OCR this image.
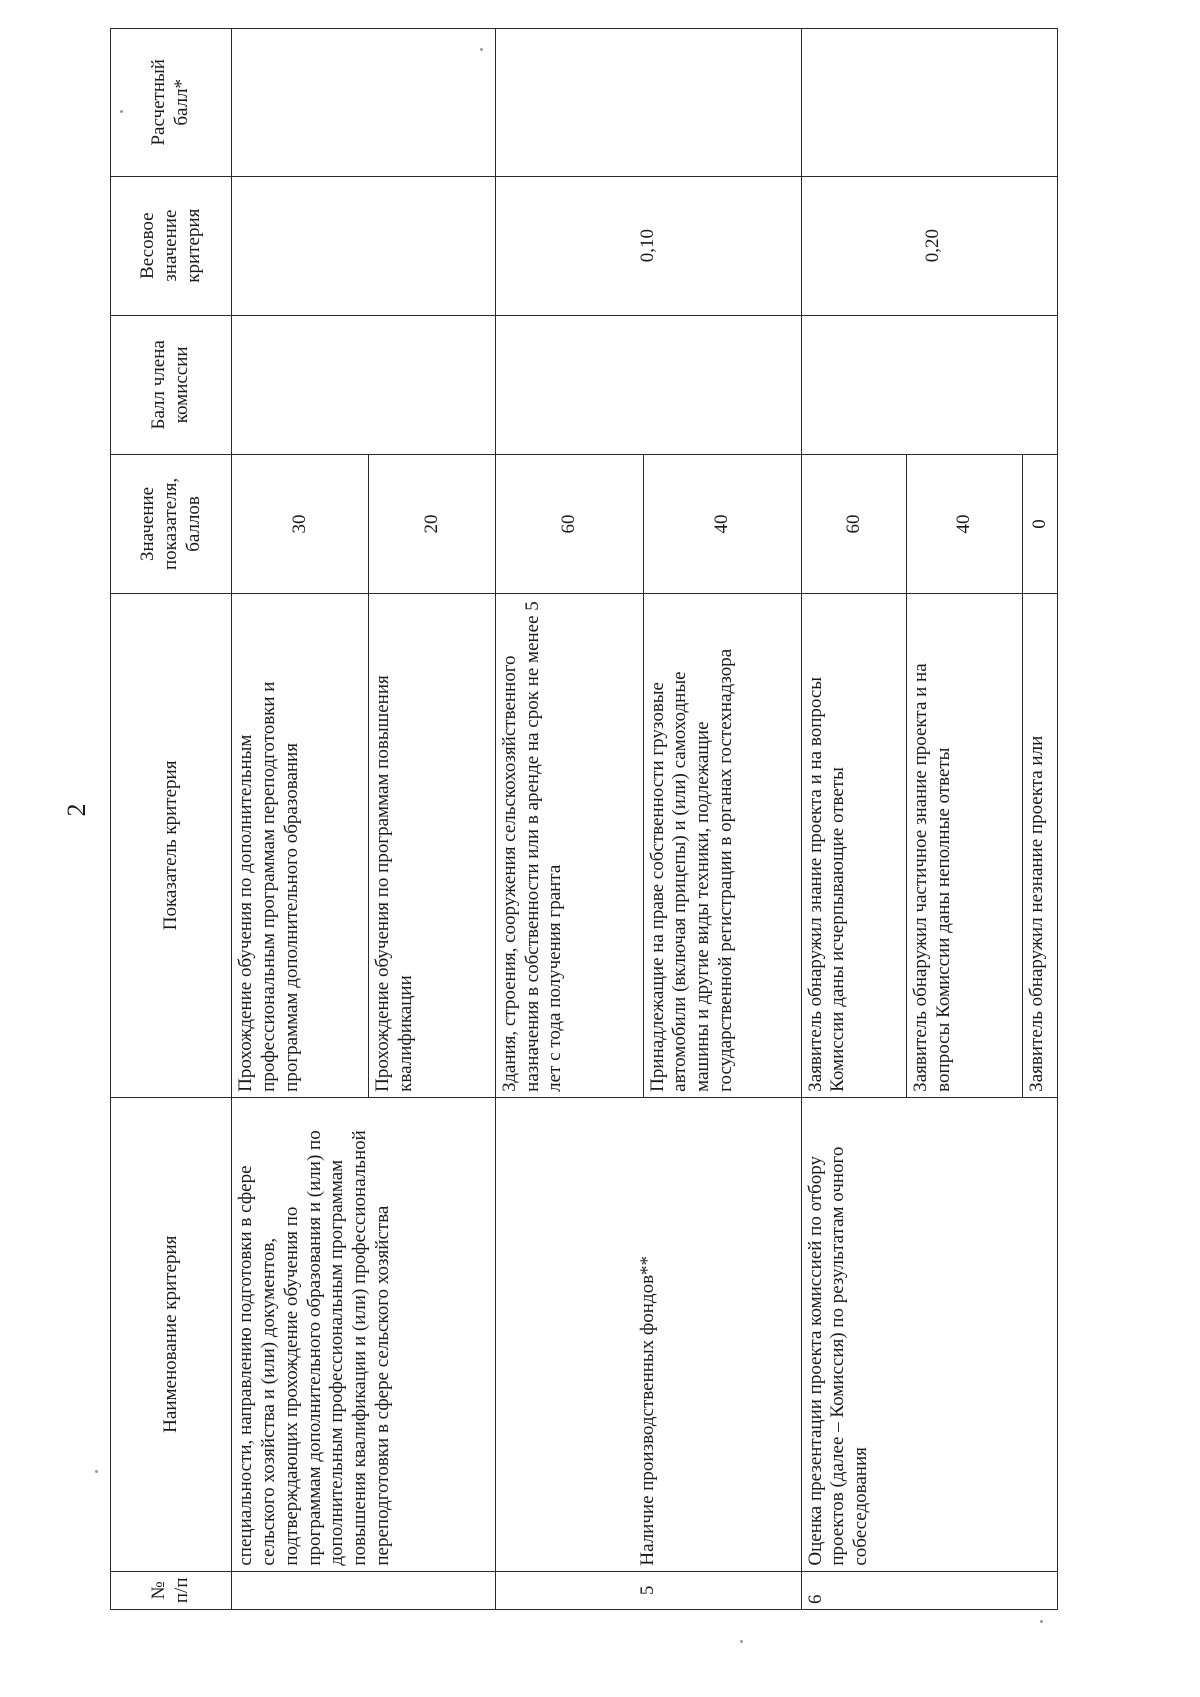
2
№ п/п	Наименование критерия	Показатель критерия	Значение показателя, баллов	Балл члена комиссии	Весовое значение критерия	Расчетный балл*
	специальности, направлению подготовки в сфере сельского хозяйства и (или) документов, подтверждающих прохождение обучения по программам дополнительного образования и (или) по дополнительным профессиональным программам повышения квалификации и (или) профессиональной переподготовки в сфере сельского хозяйства	Прохождение обучения по дополнительным профессиональным программам переподготовки и программам дополнительного образования	30			
		Прохождение обучения по программам повышения квалификации	20			
5	Наличие производственных фондов**	Здания, строения, сооружения сельскохозяйственного назначения в собственности или в аренде на срок не менее 5 лет с тода получения гранта	60		0,10	
		Принадлежащие на праве собственности грузовые автомобили (включая прицепы) и (или) самоходные машины и другие виды техники, подлежащие государственной регистрации в органах гостехнадзора	40			
6	Оценка презентации проекта комиссией по отбору проектов (далее – Комиссия) по результатам очного собеседования	Заявитель обнаружил знание проекта и на вопросы Комиссии даны исчерпывающие ответы	60		0,20	
		Заявитель обнаружил частичное знание проекта и на вопросы Комиссии даны неполные ответы	40			
		Заявитель обнаружил незнание проекта или	0			
